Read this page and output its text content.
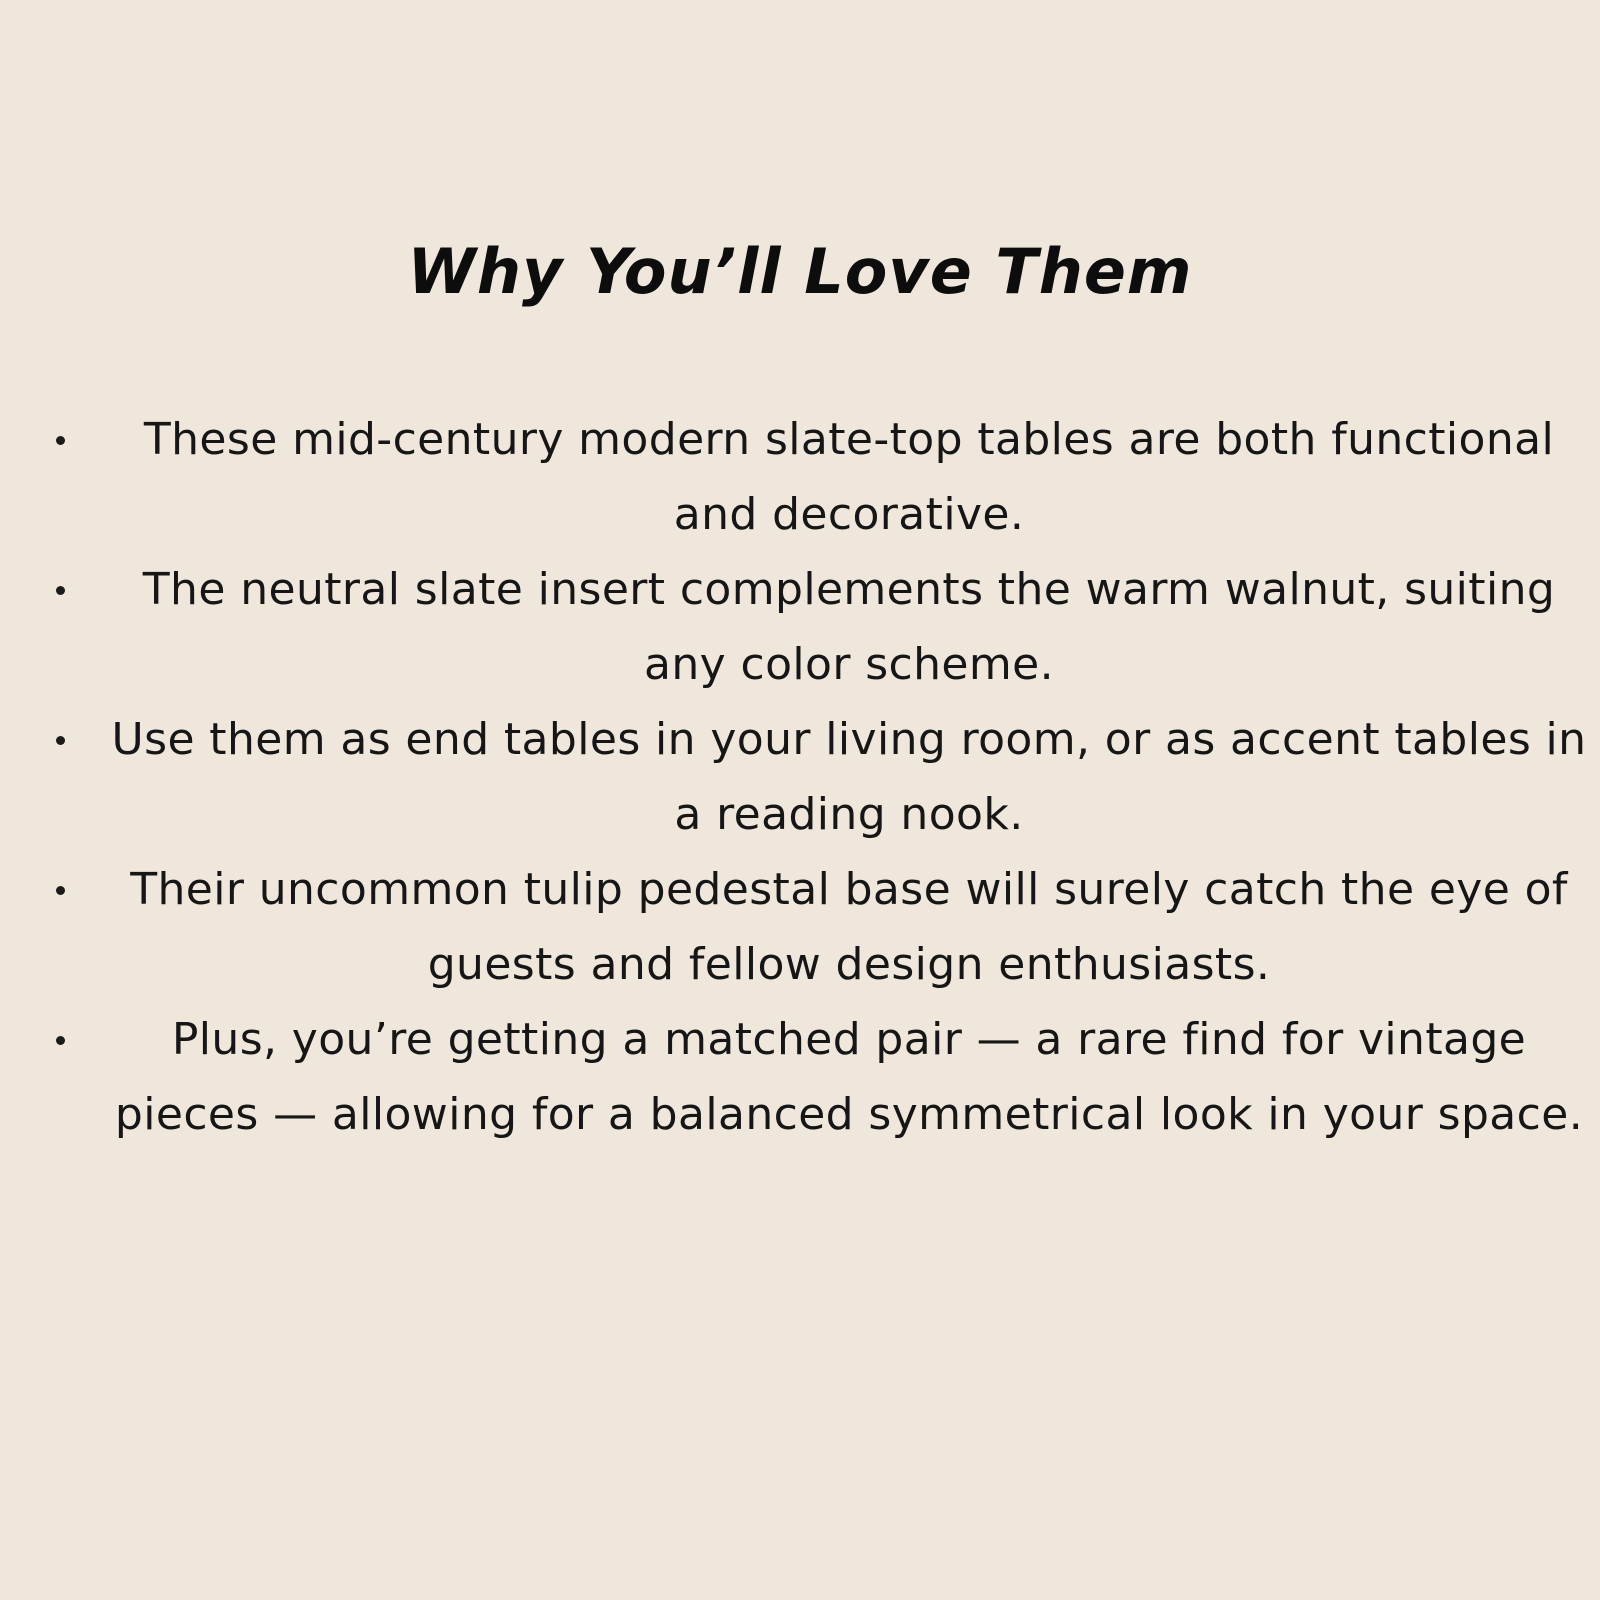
Why You’ll Love Them
These mid-century modern slate-top tables are both functional and decorative.
The neutral slate insert complements the warm walnut, suiting any color scheme.
Use them as end tables in your living room, or as accent tables in a reading nook.
Their uncommon tulip pedestal base will surely catch the eye of guests and fellow design enthusiasts.
Plus, you’re getting a matched pair — a rare find for vintage pieces — allowing for a balanced symmetrical look in your space.
